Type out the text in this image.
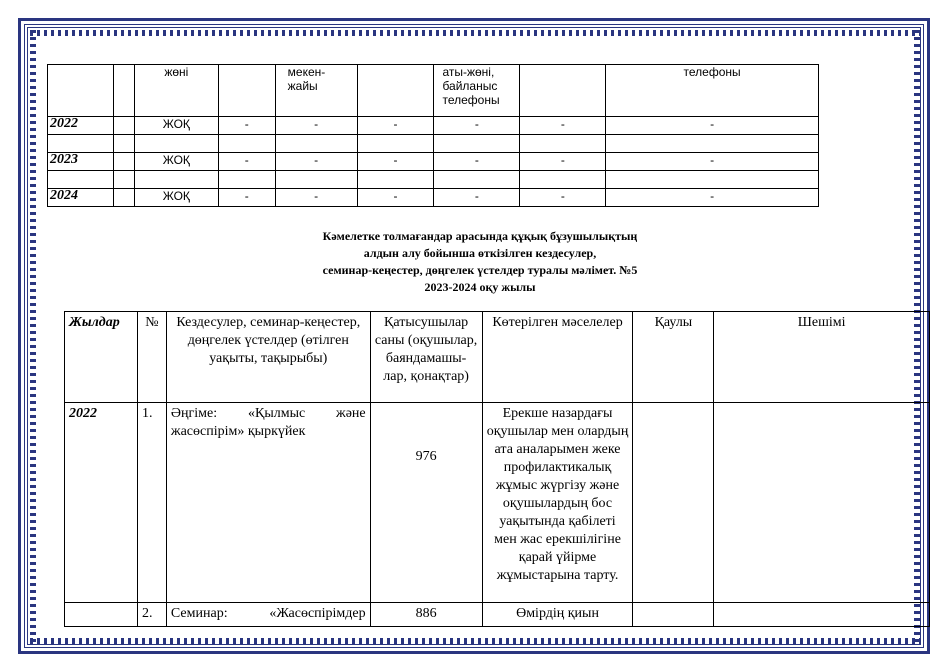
		жөні		мекен-жайы		аты-жөні, байланыс телефоны		телефоны
2022		ЖОҚ	-	-	-	-	-	-

2023		ЖОҚ	-	-	-	-	-	-

2024		ЖОҚ	-	-	-	-	-	-
Кәмелетке толмағандар арасында құқық бұзушылықтың
алдын алу бойынша өткізілген кездесулер,
семинар-кеңестер, дөңгелек үстелдер туралы мәлімет. №5
2023-2024 оқу жылы
Жылдар	№	Кездесулер, семинар-кеңестер, дөңгелек үстелдер (өтілген уақыты, тақырыбы)	Қатысушылар саны (оқушылар, баяндамашы-лар, қонақтар)	Көтерілген мәселелер	Қаулы	Шешімі
2022	1.	Әңгіме: «Қылмыс және жасөспірім» қыркүйек	976	Ерекше назардағы оқушылар мен олардың ата аналарымен жеке профилактикалық жұмыс жүргізу және оқушылардың бос уақытында қабілеті мен жас ерекшілігіне қарай үйірме жұмыстарына тарту.		
	2.	Семинар: «Жасөспірімдер	886	Өмірдің қиын		
